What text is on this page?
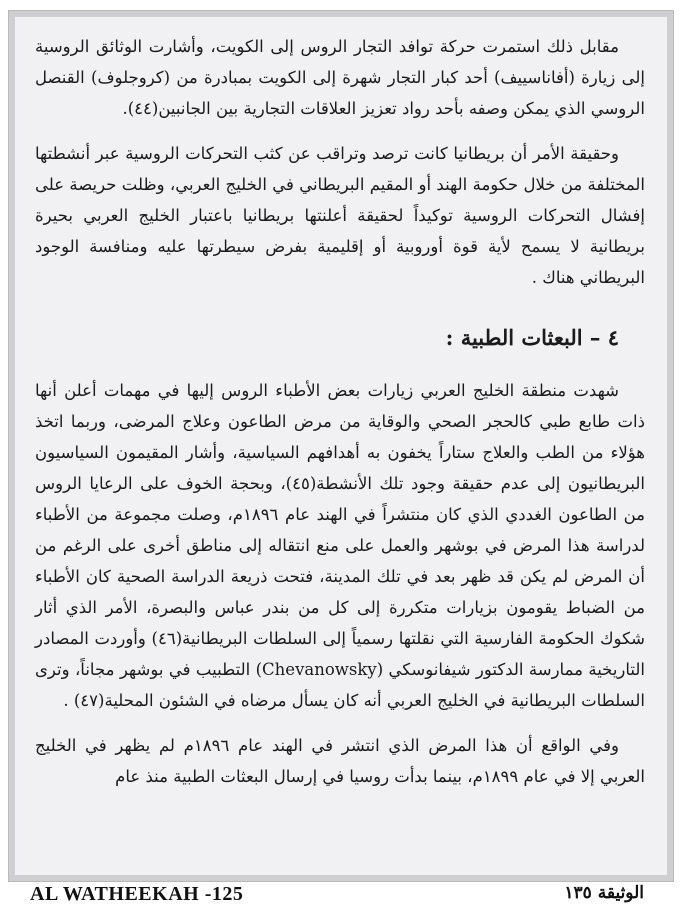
مقابل ذلك استمرت حركة توافد التجار الروس إلى الكويت، وأشارت الوثائق الروسية إلى زيارة (أفاناسييف) أحد كبار التجار شهرة إلى الكويت بمبادرة من (كروجلوف) القنصل الروسي الذي يمكن وصفه بأحد رواد تعزيز العلاقات التجارية بين الجانبين(٤٤).

وحقيقة الأمر أن بريطانيا كانت ترصد وتراقب عن كثب التحركات الروسية عبر أنشطتها المختلفة من خلال حكومة الهند أو المقيم البريطاني في الخليج العربي، وظلت حريصة على إفشال التحركات الروسية توكيداً لحقيقة أعلنتها بريطانيا باعتبار الخليج العربي بحيرة بريطانية لا يسمح لأية قوة أوروبية أو إقليمية بفرض سيطرتها عليه ومنافسة الوجود البريطاني هناك .

٤ – البعثات الطبية :

شهدت منطقة الخليج العربي زيارات بعض الأطباء الروس إليها في مهمات أعلن أنها ذات طابع طبي كالحجر الصحي والوقاية من مرض الطاعون وعلاج المرضى، وربما اتخذ هؤلاء من الطب والعلاج ستاراً يخفون به أهدافهم السياسية، وأشار المقيمون السياسيون البريطانيون إلى عدم حقيقة وجود تلك الأنشطة(٤٥)، وبحجة الخوف على الرعايا الروس من الطاعون الغددي الذي كان منتشراً في الهند عام ١٨٩٦م، وصلت مجموعة من الأطباء لدراسة هذا المرض في بوشهر والعمل على منع انتقاله إلى مناطق أخرى على الرغم من أن المرض لم يكن قد ظهر بعد في تلك المدينة، فتحت ذريعة الدراسة الصحية كان الأطباء من الضباط يقومون بزيارات متكررة إلى كل من بندر عباس والبصرة، الأمر الذي أثار شكوك الحكومة الفارسية التي نقلتها رسمياً إلى السلطات البريطانية(٤٦) وأوردت المصادر التاريخية ممارسة الدكتور شيفانوسكي (Chevanowsky) التطبيب في بوشهر مجاناً، وترى السلطات البريطانية في الخليج العربي أنه كان يسأل مرضاه في الشئون المحلية(٤٧) .

وفي الواقع أن هذا المرض الذي انتشر في الهند عام ١٨٩٦م لم يظهر في الخليج العربي إلا في عام ١٨٩٩م، بينما بدأت روسيا في إرسال البعثات الطبية منذ عام

AL WATHEEKAH -125	الوثيقة ١٣٥
